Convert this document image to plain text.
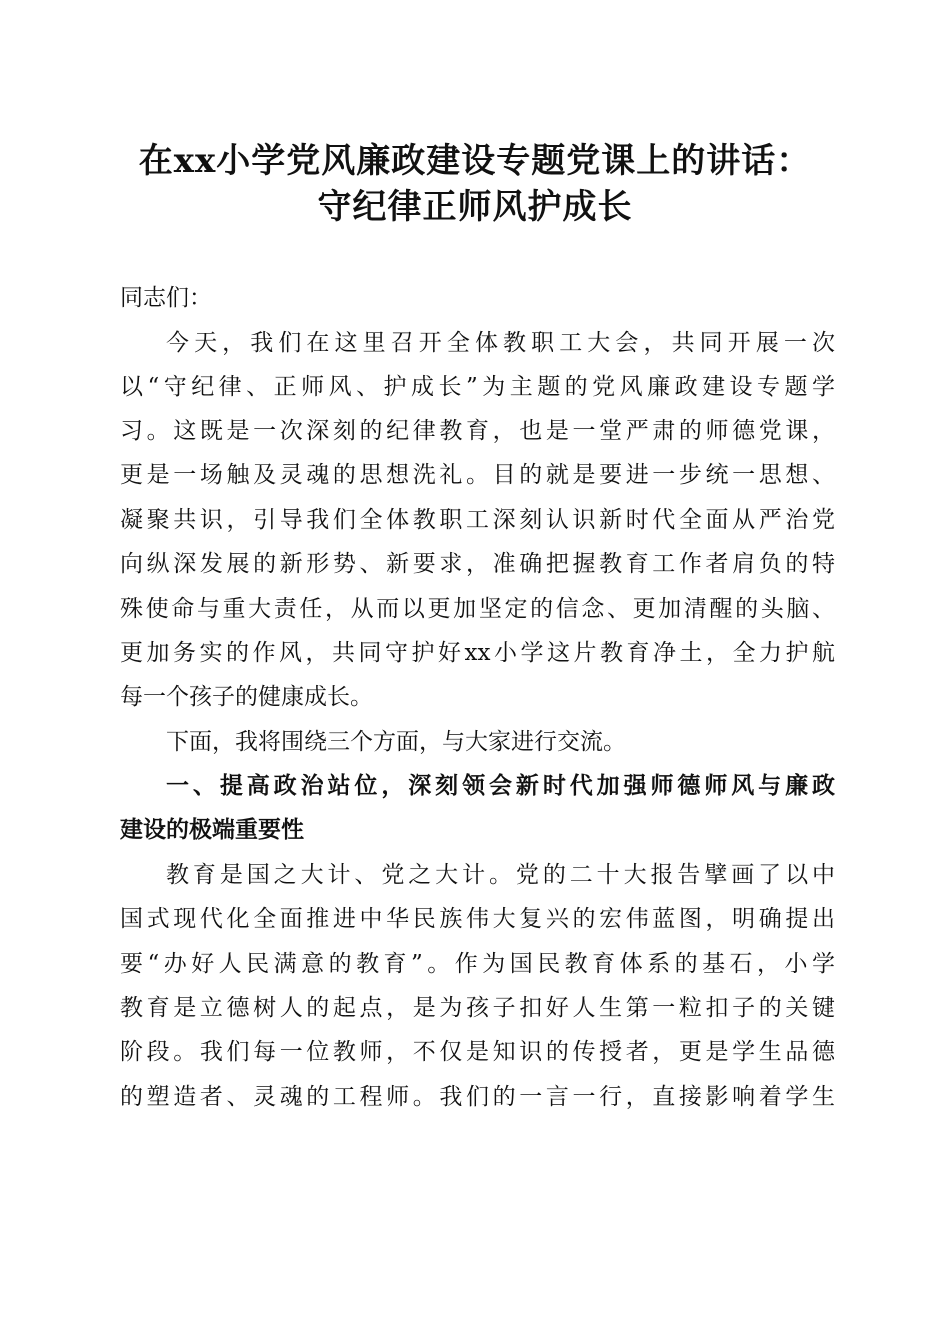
在xx小学党风廉政建设专题党课上的讲话：
守纪律正师风护成长
同志们：
今天，我们在这里召开全体教职工大会，共同开展一次
以“守纪律、正师风、护成长”为主题的党风廉政建设专题学
习。这既是一次深刻的纪律教育，也是一堂严肃的师德党课，
更是一场触及灵魂的思想洗礼。目的就是要进一步统一思想、
凝聚共识，引导我们全体教职工深刻认识新时代全面从严治党
向纵深发展的新形势、新要求，准确把握教育工作者肩负的特
殊使命与重大责任，从而以更加坚定的信念、更加清醒的头脑、
更加务实的作风，共同守护好xx小学这片教育净土，全力护航
每一个孩子的健康成长。
下面，我将围绕三个方面，与大家进行交流。
一、提高政治站位，深刻领会新时代加强师德师风与廉政
建设的极端重要性
教育是国之大计、党之大计。党的二十大报告擘画了以中
国式现代化全面推进中华民族伟大复兴的宏伟蓝图，明确提出
要“办好人民满意的教育”。作为国民教育体系的基石，小学
教育是立德树人的起点，是为孩子扣好人生第一粒扣子的关键
阶段。我们每一位教师，不仅是知识的传授者，更是学生品德
的塑造者、灵魂的工程师。我们的一言一行，直接影响着学生
